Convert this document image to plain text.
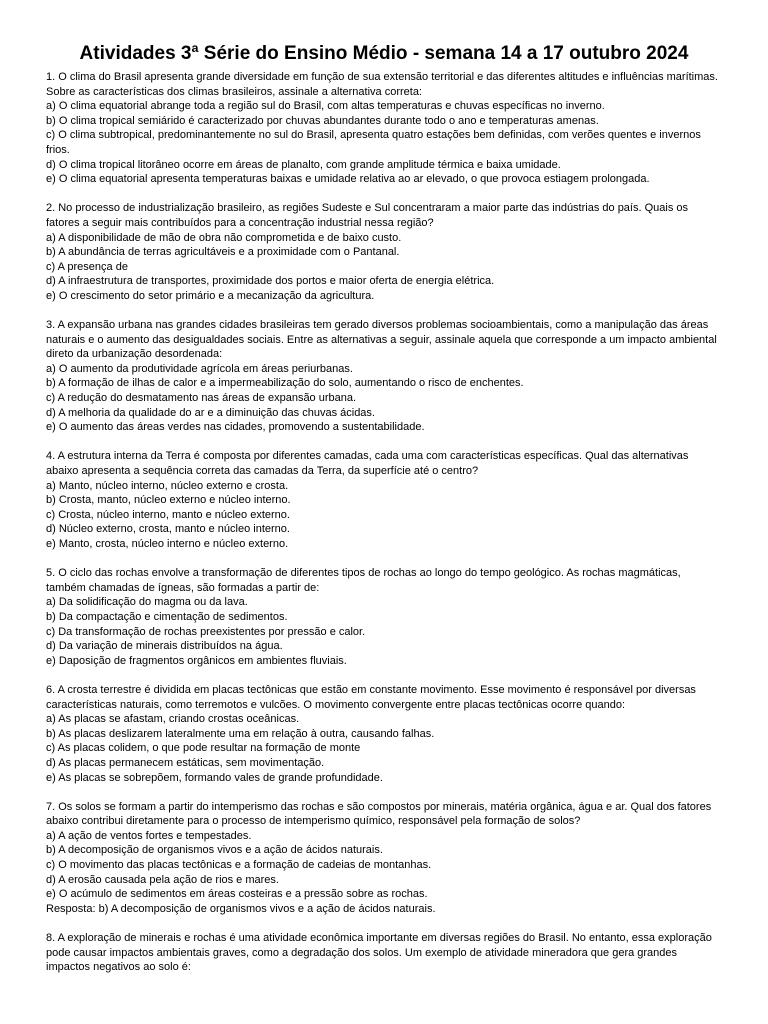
Atividades 3ª Série do Ensino Médio - semana 14 a 17 outubro 2024

1. O clima do Brasil apresenta grande diversidade em função de sua extensão territorial e das diferentes altitudes e influências marítimas. Sobre as características dos climas brasileiros, assinale a alternativa correta:

a) O clima equatorial abrange toda a região sul do Brasil, com altas temperaturas e chuvas específicas no inverno.

b) O clima tropical semiárido é caracterizado por chuvas abundantes durante todo o ano e temperaturas amenas.

c) O clima subtropical, predominantemente no sul do Brasil, apresenta quatro estações bem definidas, com verões quentes e invernos frios.

d) O clima tropical litorâneo ocorre em áreas de planalto, com grande amplitude térmica e baixa umidade.

e) O clima equatorial apresenta temperaturas baixas e umidade relativa ao ar elevado, o que provoca estiagem prolongada.

2. No processo de industrialização brasileiro, as regiões Sudeste e Sul concentraram a maior parte das indústrias do país. Quais os fatores a seguir mais contribuídos para a concentração industrial nessa região?

a) A disponibilidade de mão de obra não comprometida e de baixo custo.

b) A abundância de terras agricultáveis e a proximidade com o Pantanal.

c) A presença de

d) A infraestrutura de transportes, proximidade dos portos e maior oferta de energia elétrica.

e) O crescimento do setor primário e a mecanização da agricultura.

3. A expansão urbana nas grandes cidades brasileiras tem gerado diversos problemas socioambientais, como a manipulação das áreas naturais e o aumento das desigualdades sociais. Entre as alternativas a seguir, assinale aquela que corresponde a um impacto ambiental direto da urbanização desordenada:

a) O aumento da produtividade agrícola em áreas periurbanas.

b) A formação de ilhas de calor e a impermeabilização do solo, aumentando o risco de enchentes.

c) A redução do desmatamento nas áreas de expansão urbana.

d) A melhoria da qualidade do ar e a diminuição das chuvas ácidas.

e) O aumento das áreas verdes nas cidades, promovendo a sustentabilidade.

4. A estrutura interna da Terra é composta por diferentes camadas, cada uma com características específicas. Qual das alternativas abaixo apresenta a sequência correta das camadas da Terra, da superfície até o centro?

a) Manto, núcleo interno, núcleo externo e crosta.

b) Crosta, manto, núcleo externo e núcleo interno.

c) Crosta, núcleo interno, manto e núcleo externo.

d) Núcleo externo, crosta, manto e núcleo interno.

e) Manto, crosta, núcleo interno e núcleo externo.

5. O ciclo das rochas envolve a transformação de diferentes tipos de rochas ao longo do tempo geológico. As rochas magmáticas, também chamadas de ígneas, são formadas a partir de:

a) Da solidificação do magma ou da lava.

b) Da compactação e cimentação de sedimentos.

c) Da transformação de rochas preexistentes por pressão e calor.

d) Da variação de minerais distribuídos na água.

e) Daposição de fragmentos orgânicos em ambientes fluviais.

6. A crosta terrestre é dividida em placas tectônicas que estão em constante movimento. Esse movimento é responsável por diversas características naturais, como terremotos e vulcões. O movimento convergente entre placas tectônicas ocorre quando:

a) As placas se afastam, criando crostas oceânicas.

b) As placas deslizarem lateralmente uma em relação à outra, causando falhas.

c) As placas colidem, o que pode resultar na formação de monte

d) As placas permanecem estáticas, sem movimentação.

e) As placas se sobrepõem, formando vales de grande profundidade.

7. Os solos se formam a partir do intemperismo das rochas e são compostos por minerais, matéria orgânica, água e ar. Qual dos fatores abaixo contribui diretamente para o processo de intemperismo químico, responsável pela formação de solos?

a) A ação de ventos fortes e tempestades.

b) A decomposição de organismos vivos e a ação de ácidos naturais.

c) O movimento das placas tectônicas e a formação de cadeias de montanhas.

d) A erosão causada pela ação de rios e mares.

e) O acúmulo de sedimentos em áreas costeiras e a pressão sobre as rochas.

Resposta: b) A decomposição de organismos vivos e a ação de ácidos naturais.

8. A exploração de minerais e rochas é uma atividade econômica importante em diversas regiões do Brasil. No entanto, essa exploração pode causar impactos ambientais graves, como a degradação dos solos. Um exemplo de atividade mineradora que gera grandes impactos negativos ao solo é:
